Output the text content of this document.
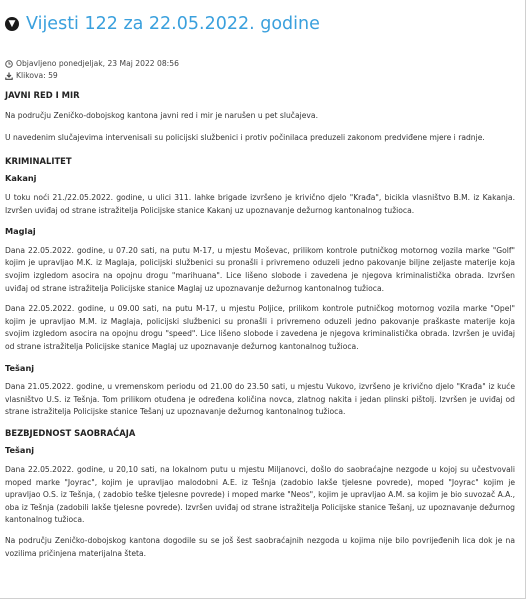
▼ Vijesti 122 za 22.05.2022. godine
Objavljeno ponedjeljak, 23 Maj 2022 08:56
Klikova: 59

JAVNI RED I MIR

Na području Zeničko-dobojskog kantona javni red i mir je narušen u pet slučajeva.

U navedenim slučajevima intervenisali su policijski službenici i protiv počinilaca preduzeli zakonom predviđene mjere i radnje.

KRIMINALITET

Kakanj

U toku noći 21./22.05.2022. godine, u ulici 311. lahke brigade izvršeno je krivično djelo "Krađa", bicikla vlasništvo B.M. iz Kakanja. Izvršen uviđaj od strane istražitelja Policijske stanice Kakanj uz upoznavanje dežurnog kantonalnog tužioca.

Maglaj

Dana 22.05.2022. godine, u 07.20 sati, na putu M-17, u mjestu Moševac, prilikom kontrole putničkog motornog vozila marke "Golf" kojim je upravljao M.K. iz Maglaja, policijski službenici su pronašli i privremeno oduzeli jedno pakovanje biljne zeljaste materije koja svojim izgledom asocira na opojnu drogu "marihuana". Lice lišeno slobode i zavedena je njegova kriminalistička obrada. Izvršen uviđaj od strane istražitelja Policijske stanice Maglaj uz upoznavanje dežurnog kantonalnog tužioca.

Dana 22.05.2022. godine, u 09.00 sati, na putu M-17, u mjestu Poljice, prilikom kontrole putničkog motornog vozila marke "Opel" kojim je upravljao M.M. iz Maglaja, policijski službenici su pronašli i privremeno oduzeli jedno pakovanje praškaste materije koja svojim izgledom asocira na opojnu drogu "speed". Lice lišeno slobode i zavedena je njegova kriminalistička obrada. Izvršen je uviđaj od strane istražitelja Policijske stanice Maglaj uz upoznavanje dežurnog kantonalnog tužioca.

Tešanj

Dana 21.05.2022. godine, u vremenskom periodu od 21.00 do 23.50 sati, u mjestu Vukovo, izvršeno je krivično djelo "Krađa" iz kuće vlasništvo U.S. iz Tešnja. Tom prilikom otuđena je određena količina novca, zlatnog nakita i jedan plinski pištolj. Izvršen je uviđaj od strane istražitelja Policijske stanice Tešanj uz upoznavanje dežurnog kantonalnog tužioca.

BEZBJEDNOST SAOBRAĆAJA

Tešanj

Dana 22.05.2022. godine, u 20,10 sati, na lokalnom putu u mjestu Miljanovci, došlo do saobraćajne nezgode u kojoj su učestvovali moped marke "Joyrac", kojim je upravljao malodobni A.E. iz Tešnja (zadobio lakše tjelesne povrede), moped "Joyrac" kojim je upravljao O.S. iz Tešnja, ( zadobio teške tjelesne povrede) i moped marke "Neos", kojim je upravljao A.M. sa kojim je bio suvozač A.A., oba iz Tešnja (zadobili lakše tjelesne povrede). Izvršen uviđaj od strane istražitelja Policijske stanice Tešanj, uz upoznavanje dežurnog kantonalnog tužioca.

Na području Zeničko-dobojskog kantona dogodile su se još šest saobraćajnih nezgoda u kojima nije bilo povrijeđenih lica dok je na vozilima pričinjena materijalna šteta.
